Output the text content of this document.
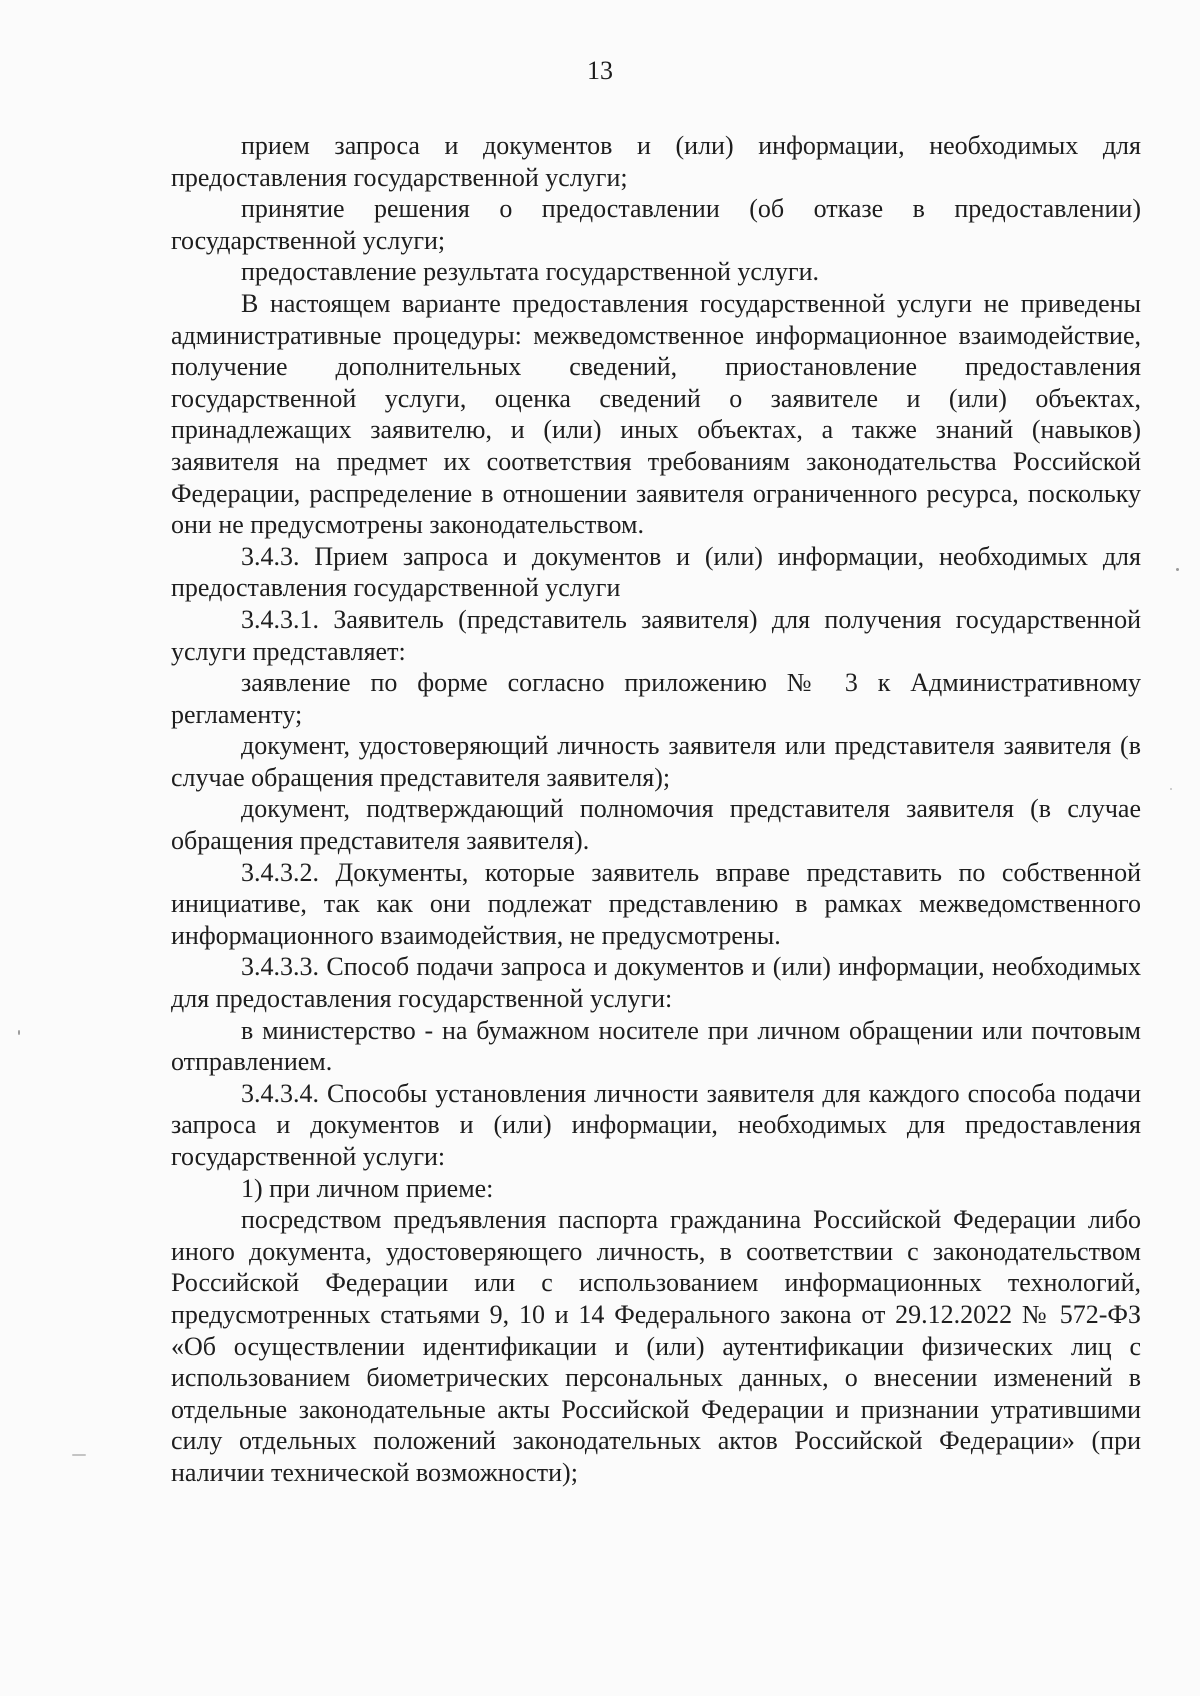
13

прием запроса и документов и (или) информации, необходимых для предоставления государственной услуги;

принятие решения о предоставлении (об отказе в предоставлении) государственной услуги;

предоставление результата государственной услуги.

В настоящем варианте предоставления государственной услуги не приведены административные процедуры: межведомственное информационное взаимодействие, получение дополнительных сведений, приостановление предоставления государственной услуги, оценка сведений о заявителе и (или) объектах, принадлежащих заявителю, и (или) иных объектах, а также знаний (навыков) заявителя на предмет их соответствия требованиям законодательства Российской Федерации, распределение в отношении заявителя ограниченного ресурса, поскольку они не предусмотрены законодательством.

3.4.3. Прием запроса и документов и (или) информации, необходимых для предоставления государственной услуги

3.4.3.1. Заявитель (представитель заявителя) для получения государственной услуги представляет:

заявление по форме согласно приложению № 3 к Административному регламенту;

документ, удостоверяющий личность заявителя или представителя заявителя (в случае обращения представителя заявителя);

документ, подтверждающий полномочия представителя заявителя (в случае обращения представителя заявителя).

3.4.3.2. Документы, которые заявитель вправе представить по собственной инициативе, так как они подлежат представлению в рамках межведомственного информационного взаимодействия, не предусмотрены.

3.4.3.3. Способ подачи запроса и документов и (или) информации, необходимых для предоставления государственной услуги:

в министерство - на бумажном носителе при личном обращении или почтовым отправлением.

3.4.3.4. Способы установления личности заявителя для каждого способа подачи запроса и документов и (или) информации, необходимых для предоставления государственной услуги:

1) при личном приеме:

посредством предъявления паспорта гражданина Российской Федерации либо иного документа, удостоверяющего личность, в соответствии с законодательством Российской Федерации или с использованием информационных технологий, предусмотренных статьями 9, 10 и 14 Федерального закона от 29.12.2022 № 572-ФЗ «Об осуществлении идентификации и (или) аутентификации физических лиц с использованием биометрических персональных данных, о внесении изменений в отдельные законодательные акты Российской Федерации и признании утратившими силу отдельных положений законодательных актов Российской Федерации» (при наличии технической возможности);
